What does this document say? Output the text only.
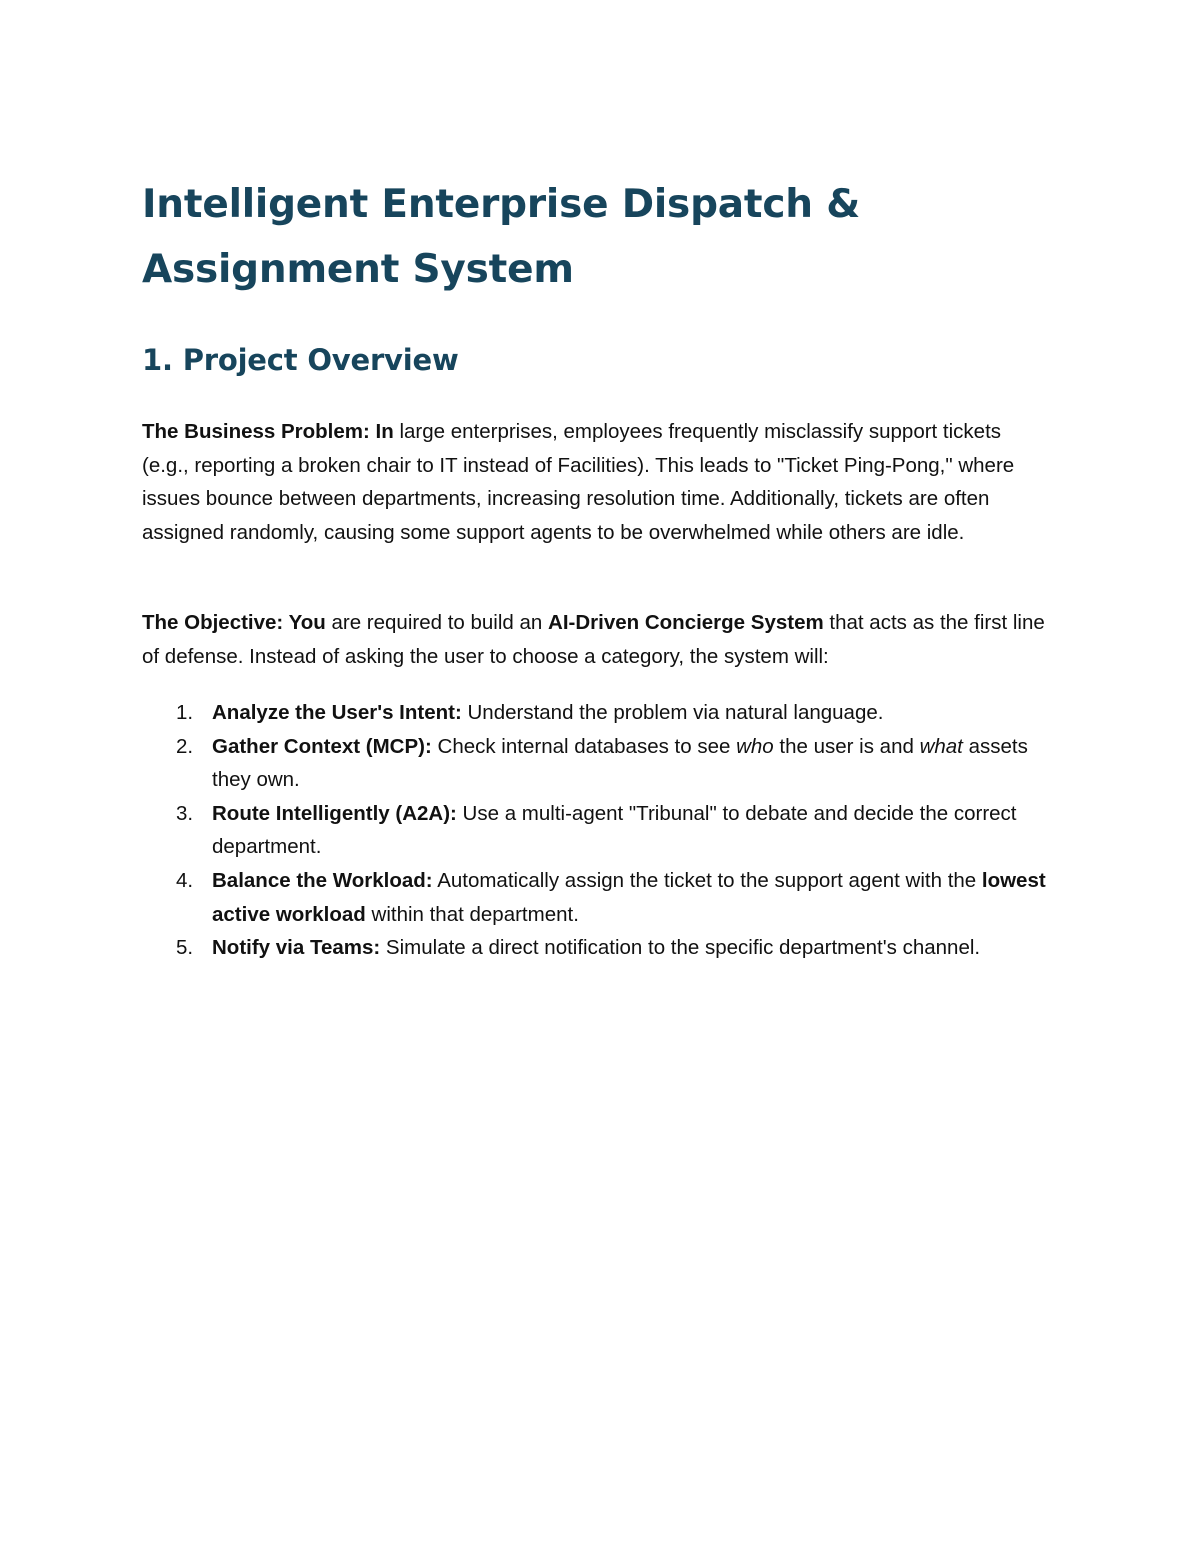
Intelligent Enterprise Dispatch & Assignment System
1. Project Overview

The Business Problem: In large enterprises, employees frequently misclassify support tickets (e.g., reporting a broken chair to IT instead of Facilities). This leads to "Ticket Ping-Pong," where issues bounce between departments, increasing resolution time. Additionally, tickets are often assigned randomly, causing some support agents to be overwhelmed while others are idle.

The Objective: You are required to build an AI-Driven Concierge System that acts as the first line of defense. Instead of asking the user to choose a category, the system will:

1. Analyze the User's Intent: Understand the problem via natural language.
2. Gather Context (MCP): Check internal databases to see who the user is and what assets they own.
3. Route Intelligently (A2A): Use a multi-agent "Tribunal" to debate and decide the correct department.
4. Balance the Workload: Automatically assign the ticket to the support agent with the lowest active workload within that department.
5. Notify via Teams: Simulate a direct notification to the specific department's channel.
